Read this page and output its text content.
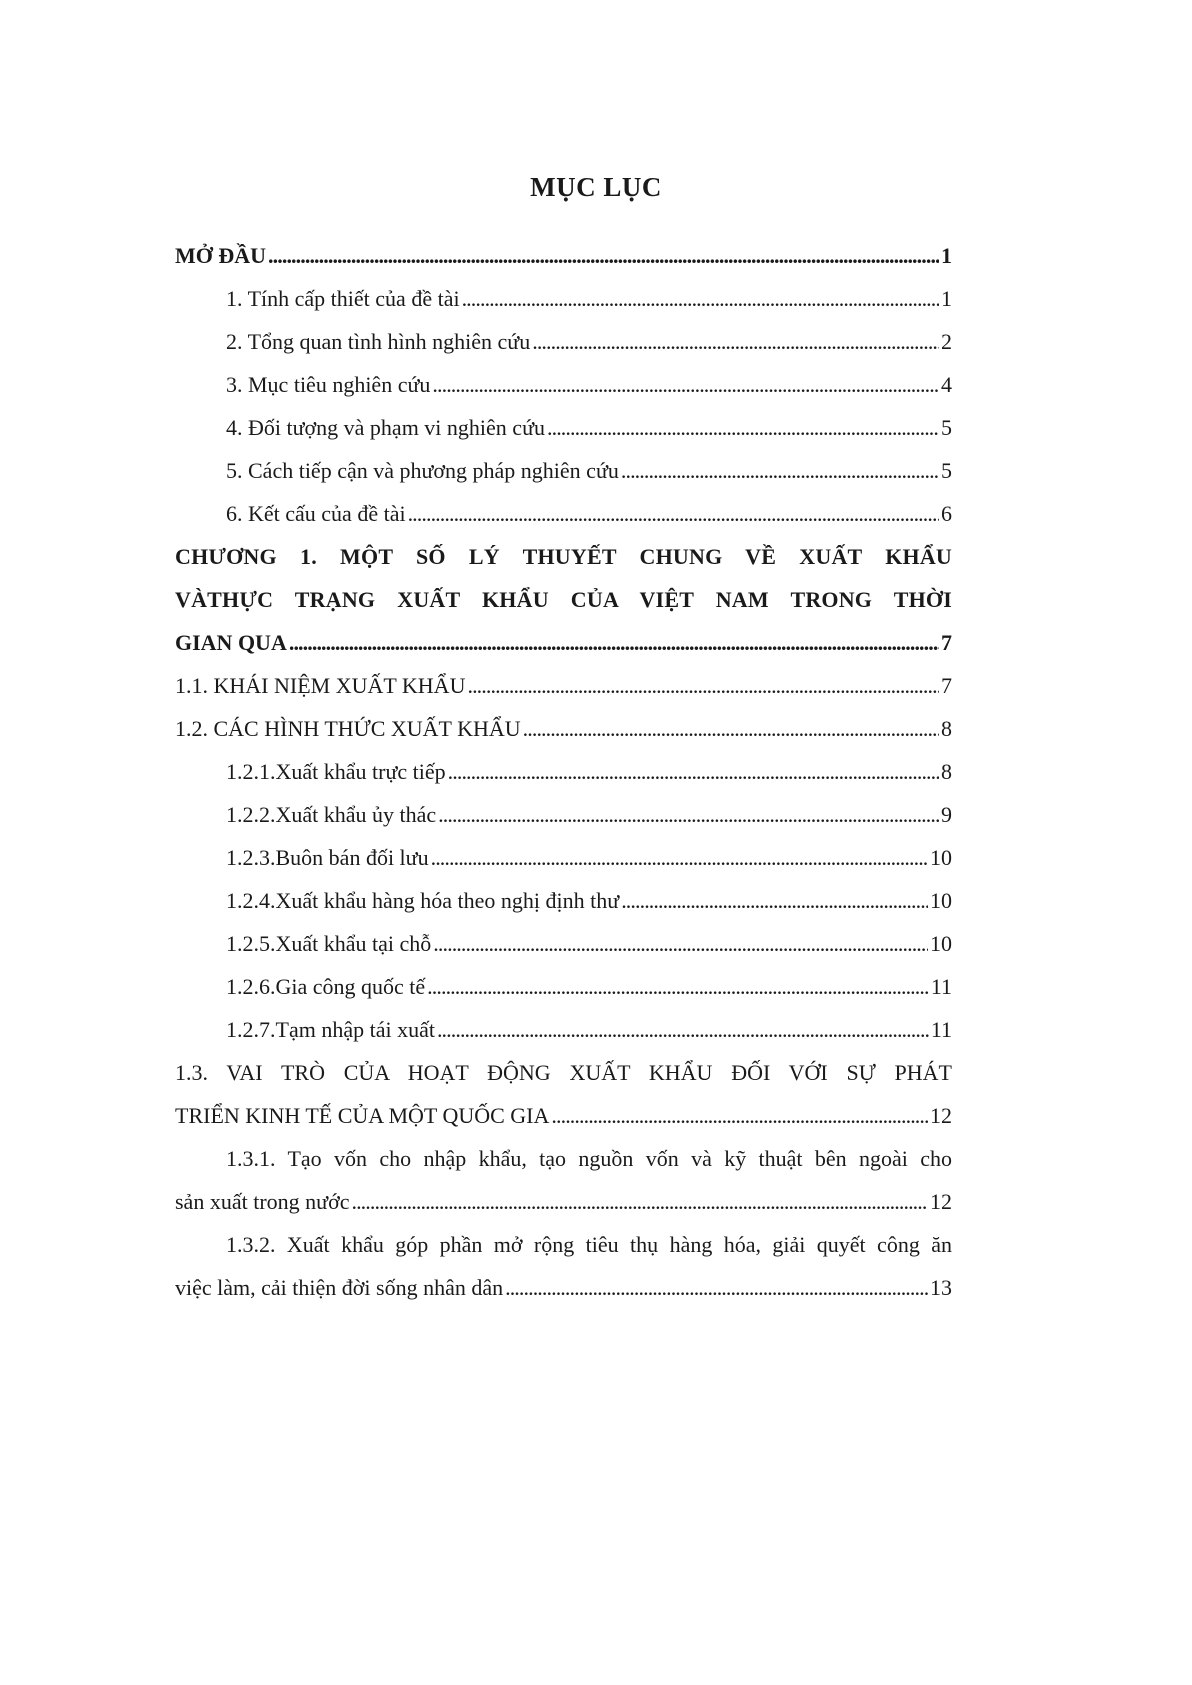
MỤC LỤC
MỞ ĐẦU . . .	1
1. Tính cấp thiết của đề tài . . .	1
2. Tổng quan tình hình nghiên cứu . . .	2
3. Mục tiêu nghiên cứu . . .	4
4. Đối tượng và phạm vi nghiên cứu . . .	5
5. Cách tiếp cận và phương pháp nghiên cứu . . .	5
6. Kết cấu của đề tài . . .	6
CHƯƠNG 1. MỘT SỐ LÝ THUYẾT CHUNG VỀ XUẤT KHẨU
VÀTHỰC TRẠNG XUẤT KHẨU CỦA VIỆT NAM TRONG THỜI
GIAN QUA . . .	7
1.1. KHÁI NIỆM XUẤT KHẨU . . .	7
1.2. CÁC HÌNH THỨC XUẤT KHẨU . . .	8
1.2.1.Xuất khẩu trực tiếp . . .	8
1.2.2.Xuất khẩu ủy thác . . .	9
1.2.3.Buôn bán đối lưu . . .	10
1.2.4.Xuất khẩu hàng hóa theo nghị định thư . . .	10
1.2.5.Xuất khẩu tại chỗ . . .	10
1.2.6.Gia công quốc tế . . .	11
1.2.7.Tạm nhập tái xuất . . .	11
1.3. VAI TRÒ CỦA HOẠT ĐỘNG XUẤT KHẨU ĐỐI VỚI SỰ PHÁT
TRIỂN KINH TẾ CỦA MỘT QUỐC GIA . . .	12
1.3.1. Tạo vốn cho nhập khẩu, tạo nguồn vốn và kỹ thuật bên ngoài cho
sản xuất trong nước . . .	12
1.3.2. Xuất khẩu góp phần mở rộng tiêu thụ hàng hóa, giải quyết công ăn
việc làm, cải thiện đời sống nhân dân . . .	13
